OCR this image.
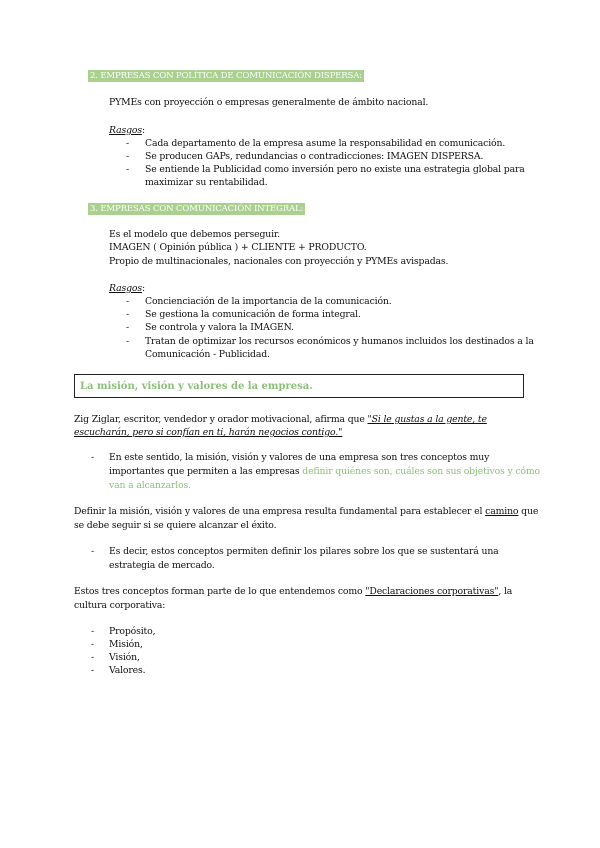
2. EMPRESAS CON POLÍTICA DE COMUNICACIÓN DISPERSA:
PYMEs con proyección o empresas generalmente de ámbito nacional.
Rasgos:
- Cada departamento de la empresa asume la responsabilidad en comunicación.
- Se producen GAPs, redundancias o contradicciones: IMAGEN DISPERSA.
- Se entiende la Publicidad como inversión pero no existe una estrategia global para
maximizar su rentabilidad.
3. EMPRESAS CON COMUNICACIÓN INTEGRAL:
Es el modelo que debemos perseguir.
IMAGEN ( Opinión pública ) + CLIENTE + PRODUCTO.
Propio de multinacionales, nacionales con proyección y PYMEs avispadas.
Rasgos:
- Concienciación de la importancia de la comunicación.
- Se gestiona la comunicación de forma integral.
- Se controla y valora la IMAGEN.
- Tratan de optimizar los recursos económicos y humanos incluidos los destinados a la
Comunicación - Publicidad.
La misión, visión y valores de la empresa.
Zig Ziglar, escritor, vendedor y orador motivacional, afirma que "Si le gustas a la gente, te
escucharán, pero si confían en ti, harán negocios contigo."
- En este sentido, la misión, visión y valores de una empresa son tres conceptos muy
importantes que permiten a las empresas definir quiénes son, cuáles son sus objetivos y cómo
van a alcanzarlos.
Definir la misión, visión y valores de una empresa resulta fundamental para establecer el camino que
se debe seguir si se quiere alcanzar el éxito.
- Es decir, estos conceptos permiten definir los pilares sobre los que se sustentará una
estrategia de mercado.
Estos tres conceptos forman parte de lo que entendemos como "Declaraciones corporativas", la
cultura corporativa:
- Propósito,
- Misión,
- Visión,
- Valores.
